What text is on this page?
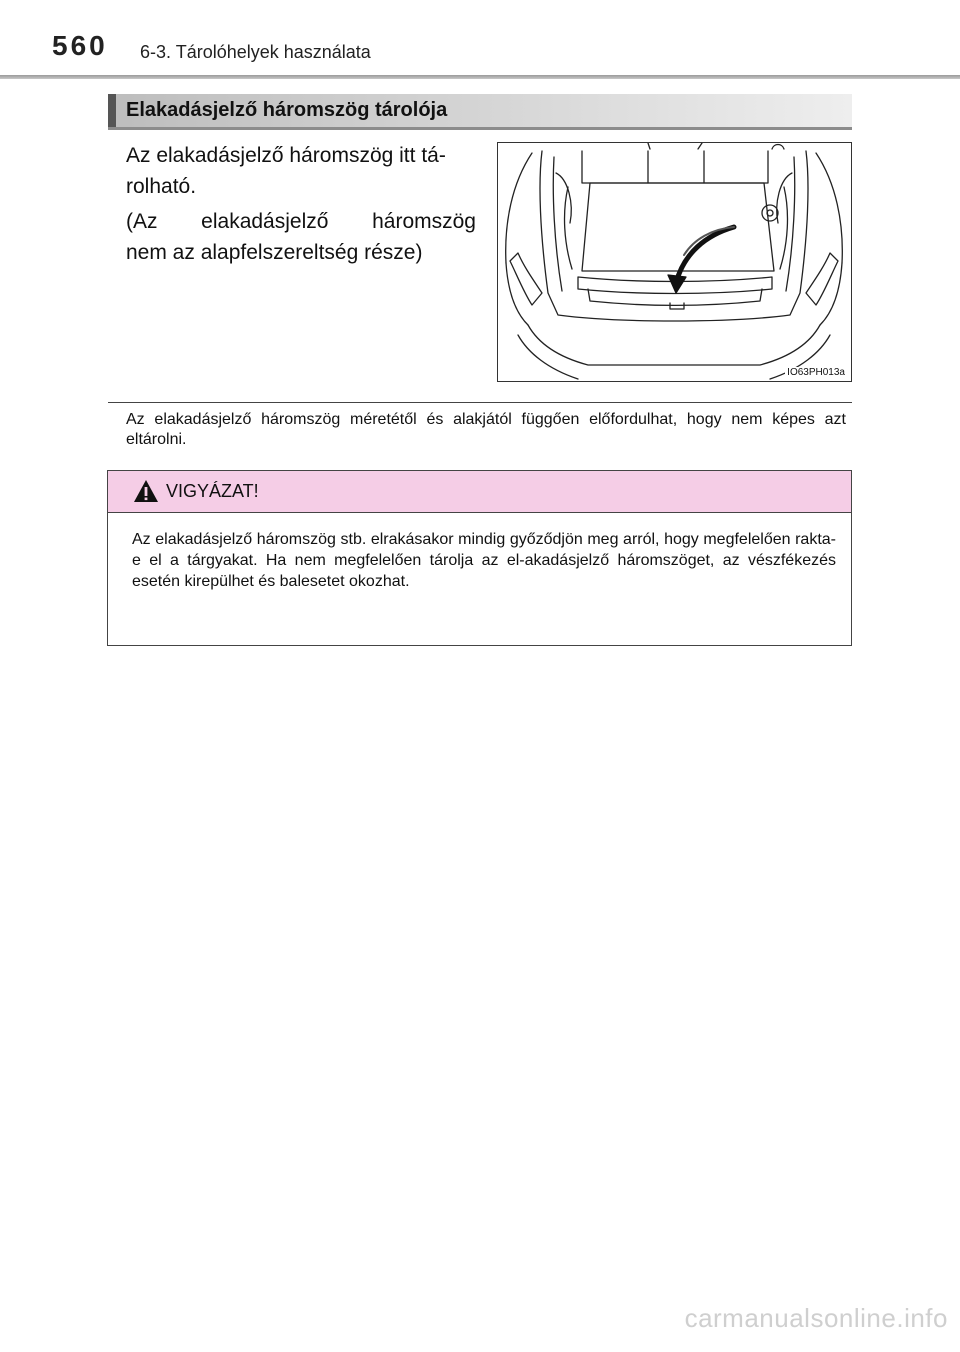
560 6-3. Tárolóhelyek használata
Elakadásjelző háromszög tárolója

Az elakadásjelző háromszög itt tá-

rolható.

(Az elakadásjelző háromszög

nem az alapfelszereltség része)

IO63PH013a
Az elakadásjelző háromszög méretétől és alakjától függően előfordulhat, hogy nem képes azt eltárolni.
VIGYÁZAT!
Az elakadásjelző háromszög stb. elrakásakor mindig győződjön meg arról, hogy megfelelően rakta-e el a tárgyakat. Ha nem megfelelően tárolja az el-akadásjelző háromszöget, az vészfékezés esetén kirepülhet és balesetet okozhat.
carmanualsonline.info
